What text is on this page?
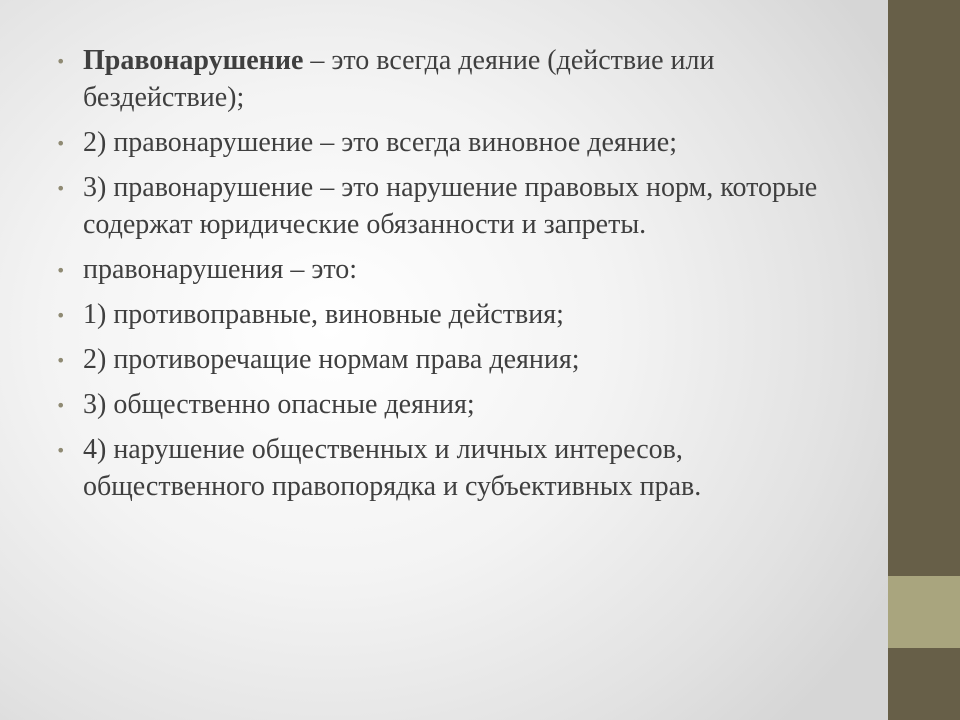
• Правонарушение – это всегда деяние (действие или бездействие);
• 2) правонарушение – это всегда виновное деяние;
• 3) правонарушение – это нарушение правовых норм, которые содержат юридические обязанности и запреты.
• правонарушения – это:
• 1) противоправные, виновные действия;
• 2) противоречащие нормам права деяния;
• 3) общественно опасные деяния;
• 4) нарушение общественных и личных интересов, общественного правопорядка и субъективных прав.
